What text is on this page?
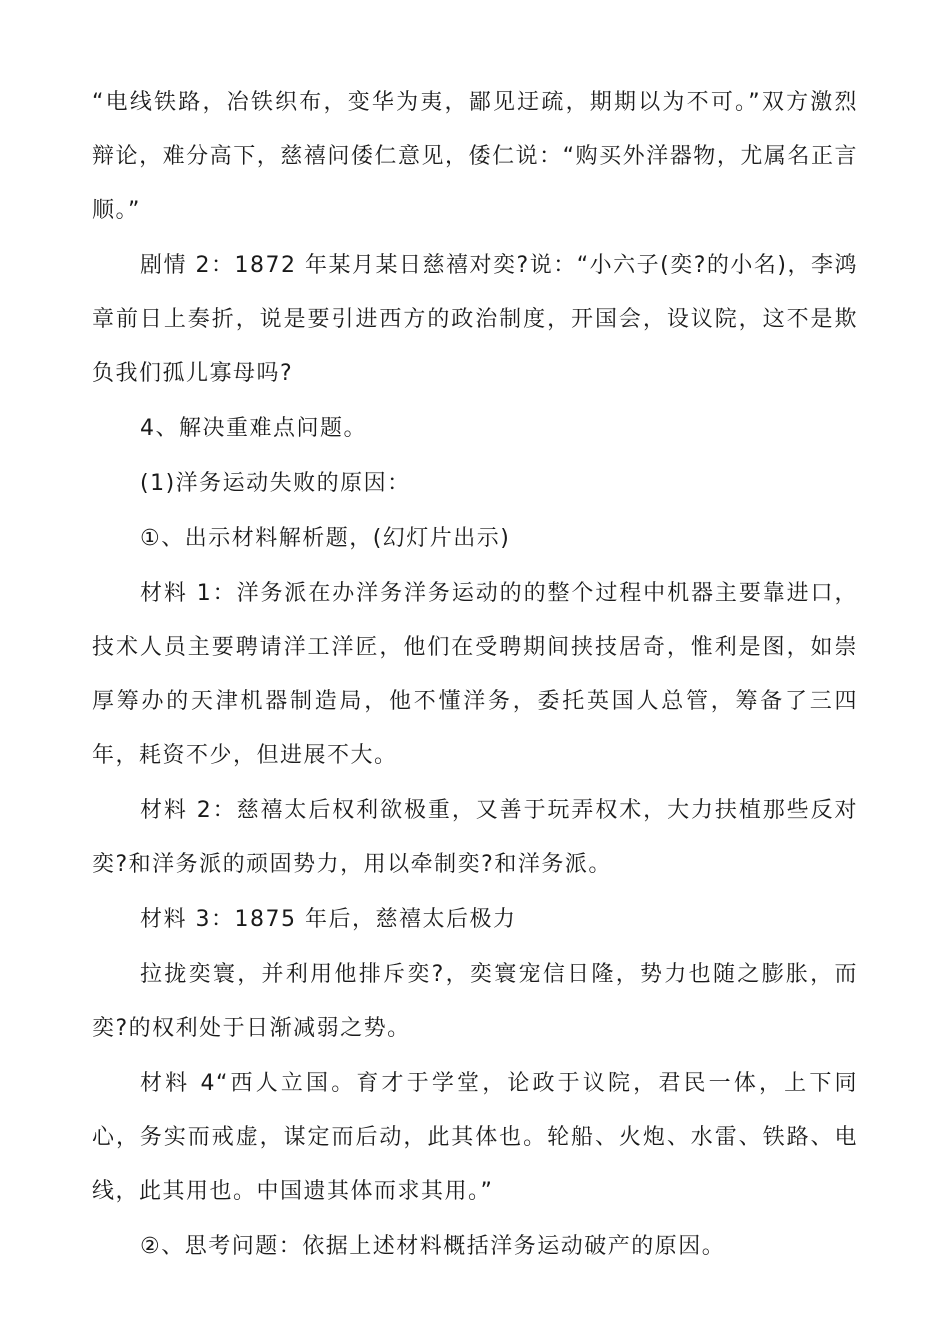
“电线铁路，冶铁织布，变华为夷，鄙见迂疏，期期以为不可。”双方激烈辩论，难分高下，慈禧问倭仁意见，倭仁说：“购买外洋器物，尤属名正言顺。”

剧情 2：1872 年某月某日慈禧对奕?说：“小六子(奕?的小名)，李鸿章前日上奏折，说是要引进西方的政治制度，开国会，设议院，这不是欺负我们孤儿寡母吗?

4、解决重难点问题。

(1)洋务运动失败的原因：

①、出示材料解析题，(幻灯片出示)

材料 1：洋务派在办洋务洋务运动的的整个过程中机器主要靠进口，技术人员主要聘请洋工洋匠，他们在受聘期间挟技居奇，惟利是图，如崇厚筹办的天津机器制造局，他不懂洋务，委托英国人总管，筹备了三四年，耗资不少，但进展不大。

材料 2：慈禧太后权利欲极重，又善于玩弄权术，大力扶植那些反对奕?和洋务派的顽固势力，用以牵制奕?和洋务派。

材料 3：1875 年后，慈禧太后极力

拉拢奕寰，并利用他排斥奕?，奕寰宠信日隆，势力也随之膨胀，而奕?的权利处于日渐减弱之势。

材料 4“西人立国。育才于学堂，论政于议院，君民一体，上下同心，务实而戒虚，谋定而后动，此其体也。轮船、火炮、水雷、铁路、电线，此其用也。中国遗其体而求其用。”

②、思考问题：依据上述材料概括洋务运动破产的原因。
